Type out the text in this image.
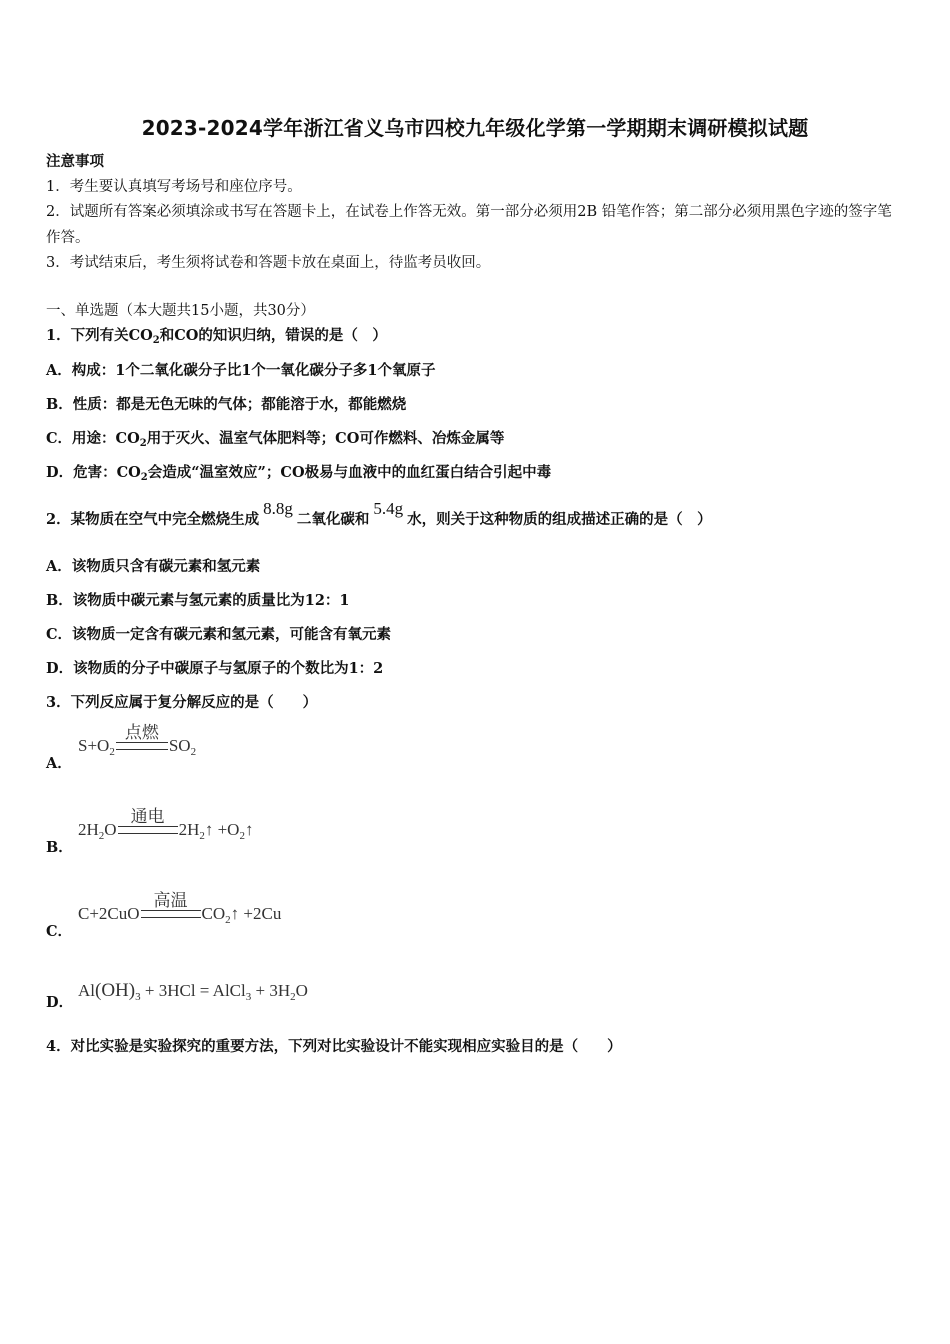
2023-2024学年浙江省义乌市四校九年级化学第一学期期末调研模拟试题
注意事项
1．考生要认真填写考场号和座位序号。
2．试题所有答案必须填涂或书写在答题卡上，在试卷上作答无效。第一部分必须用2B 铅笔作答；第二部分必须用黑色字迹的签字笔作答。
3．考试结束后，考生须将试卷和答题卡放在桌面上，待监考员收回。
一、单选题（本大题共15小题，共30分）
1．下列有关$CO_2$和CO的知识归纳，错误的是（　）
A．构成：1个二氧化碳分子比1个一氧化碳分子多1个氧原子
B．性质：都是无色无味的气体；都能溶于水，都能燃烧
C．用途：$CO_2$用于灭火、温室气体肥料等；CO可作燃料、冶炼金属等
D．危害：$CO_2$会造成“温室效应”；CO极易与血液中的血红蛋白结合引起中毒
2．某物质在空气中完全燃烧生成8.8g二氧化碳和5.4g水，则关于这种物质的组成描述正确的是（　）
A．该物质只含有碳元素和氢元素
B．该物质中碳元素与氢元素的质量比为12：1
C．该物质一定含有碳元素和氢元素，可能含有氧元素
D．该物质的分子中碳原子与氢原子的个数比为1：2
3．下列反应属于复分解反应的是（　　）
A．
$S+O_2$
点燃
$SO_2$
B．
$2H_2O$
通电
$2H_2↑$ $+O_2↑$
C．
C+2CuO
高温
$CO_2↑ +2Cu$
D．
$Al(OH)_3 + 3HCl$ = AlCl$_3$ + $3H_2O$
4．对比实验是实验探究的重要方法，下列对比实验设计不能实现相应实验目的是（　　）
